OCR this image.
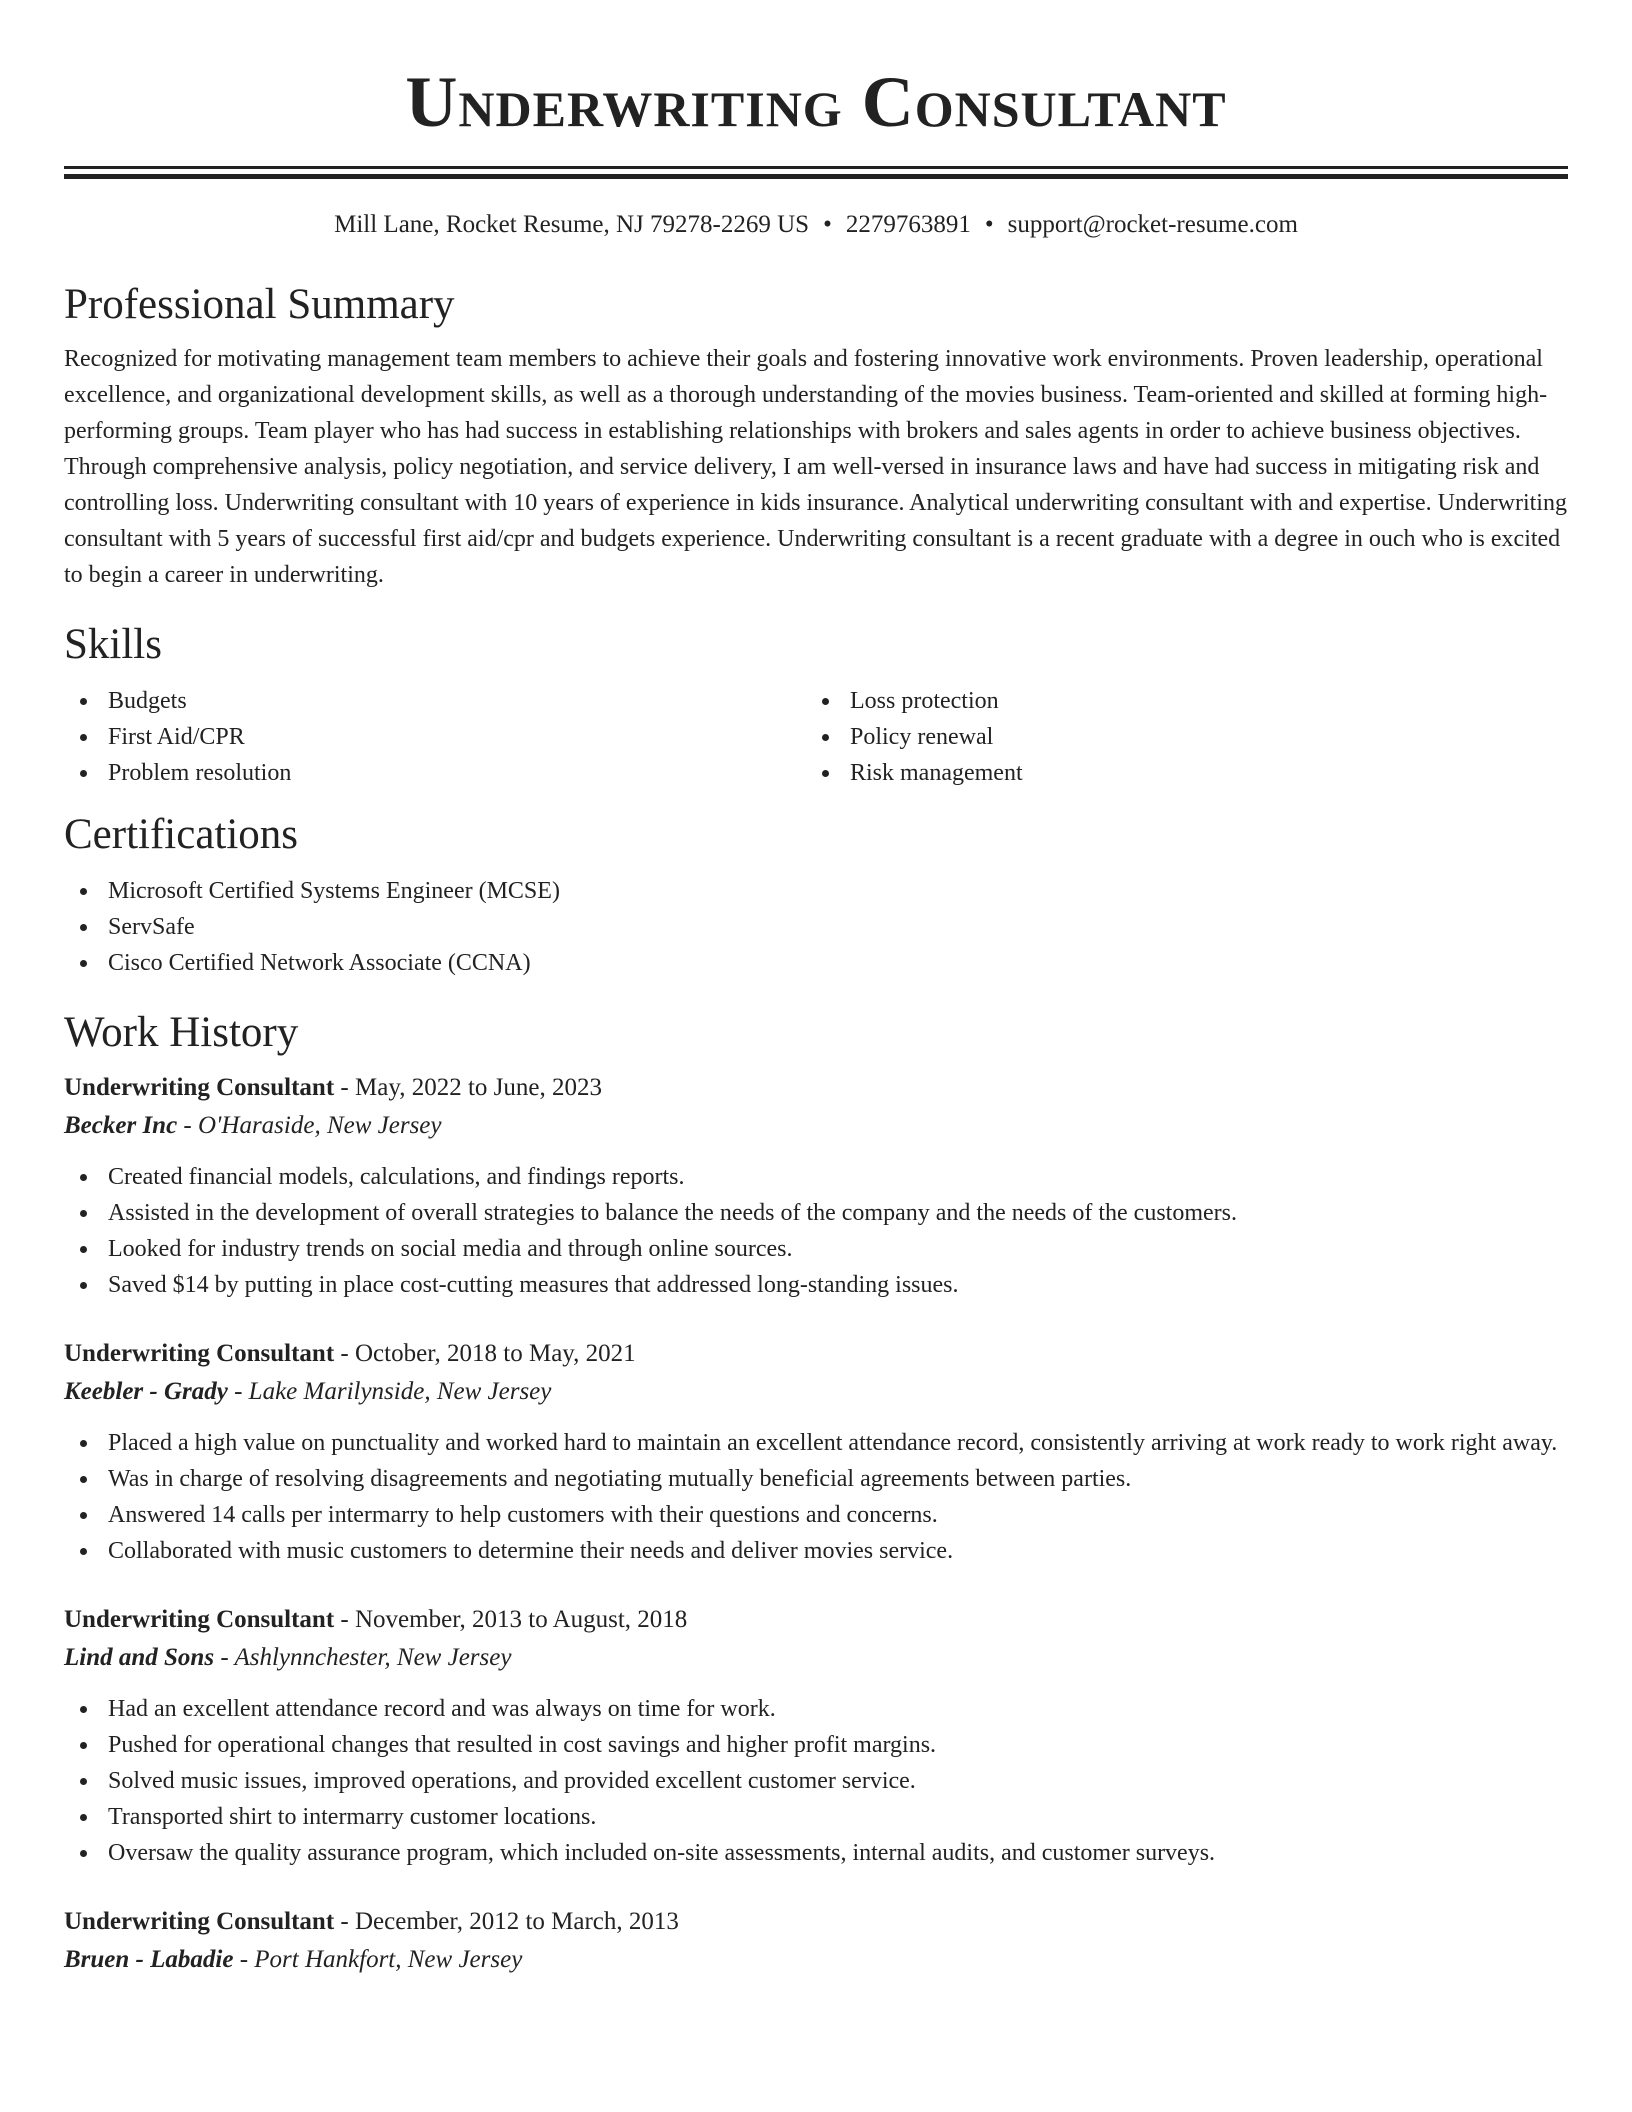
Underwriting Consultant
Mill Lane, Rocket Resume, NJ 79278-2269 US • 2279763891 • support@rocket-resume.com
Professional Summary

Recognized for motivating management team members to achieve their goals and fostering innovative work environments. Proven leadership, operational excellence, and organizational development skills, as well as a thorough understanding of the movies business. Team-oriented and skilled at forming high-performing groups. Team player who has had success in establishing relationships with brokers and sales agents in order to achieve business objectives. Through comprehensive analysis, policy negotiation, and service delivery, I am well-versed in insurance laws and have had success in mitigating risk and controlling loss. Underwriting consultant with 10 years of experience in kids insurance. Analytical underwriting consultant with and expertise. Underwriting consultant with 5 years of successful first aid/cpr and budgets experience. Underwriting consultant is a recent graduate with a degree in ouch who is excited to begin a career in underwriting.

Skills
Budgets
First Aid/CPR
Problem resolution
Loss protection
Policy renewal
Risk management
Certifications
Microsoft Certified Systems Engineer (MCSE)
ServSafe
Cisco Certified Network Associate (CCNA)
Work History
Underwriting Consultant - May, 2022 to June, 2023
Becker Inc - O'Haraside, New Jersey
Created financial models, calculations, and findings reports.
Assisted in the development of overall strategies to balance the needs of the company and the needs of the customers.
Looked for industry trends on social media and through online sources.
Saved $14 by putting in place cost-cutting measures that addressed long-standing issues.
Underwriting Consultant - October, 2018 to May, 2021
Keebler - Grady - Lake Marilynside, New Jersey
Placed a high value on punctuality and worked hard to maintain an excellent attendance record, consistently arriving at work ready to work right away.
Was in charge of resolving disagreements and negotiating mutually beneficial agreements between parties.
Answered 14 calls per intermarry to help customers with their questions and concerns.
Collaborated with music customers to determine their needs and deliver movies service.
Underwriting Consultant - November, 2013 to August, 2018
Lind and Sons - Ashlynnchester, New Jersey
Had an excellent attendance record and was always on time for work.
Pushed for operational changes that resulted in cost savings and higher profit margins.
Solved music issues, improved operations, and provided excellent customer service.
Transported shirt to intermarry customer locations.
Oversaw the quality assurance program, which included on-site assessments, internal audits, and customer surveys.
Underwriting Consultant - December, 2012 to March, 2013
Bruen - Labadie - Port Hankfort, New Jersey
